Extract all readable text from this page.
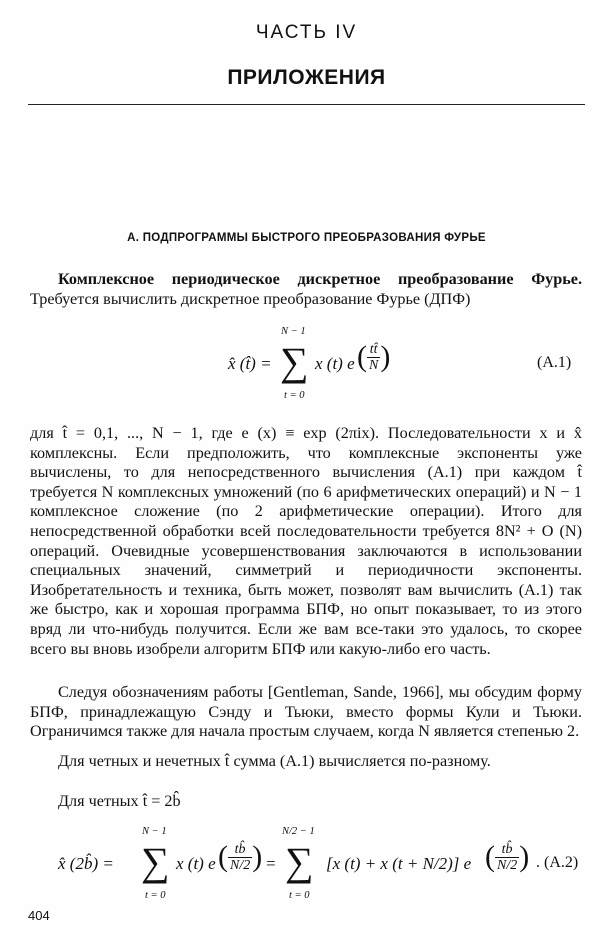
ЧАСТЬ IV
ПРИЛОЖЕНИЯ
А. ПОДПРОГРАММЫ БЫСТРОГО ПРЕОБРАЗОВАНИЯ ФУРЬЕ
Комплексное периодическое дискретное преобразование Фурье. Требуется вычислить дискретное преобразование Фурье (ДПФ)
x̂ (t̂) =
N − 1
∑
t = 0
x (t) e ( $\frac{tt̂}{N}$ )	(А.1)
для t̂ = 0,1, ..., N − 1, где e (x) ≡ exp (2πix). Последовательности x и x̂ комплексны. Если предположить, что комплексные экспоненты уже вычислены, то для непосредственного вычисления (А.1) при каждом t̂ требуется N комплексных умножений (по 6 арифметических операций) и N − 1 комплексное сложение (по 2 арифметические операции). Итого для непосредственной обработки всей последовательности требуется 8N² + O (N) операций. Очевидные усовершенствования заключаются в использовании специальных значений, симметрий и периодичности экспоненты. Изобретательность и техника, быть может, позволят вам вычислить (А.1) так же быстро, как и хорошая программа БПФ, но опыт показывает, то из этого вряд ли что-нибудь получится. Если же вам все-таки это удалось, то скорее всего вы вновь изобрели алгоритм БПФ или какую-либо его часть.
Следуя обозначениям работы [Gentleman, Sande, 1966], мы обсудим форму БПФ, принадлежащую Сэнду и Тьюки, вместо формы Кули и Тьюки. Ограничимся также для начала простым случаем, когда N является степенью 2.
Для четных и нечетных t̂ сумма (А.1) вычисляется по-разному.
Для четных t̂ = 2b̂
x̂ (2b̂) =
N − 1
∑
t = 0
x (t) e ( $\frac{tb̂}{N/2}$ ) =
N/2 − 1
∑
t = 0
[x (t) + x (t + N/2)] e ( $\frac{tb̂}{N/2}$ ) . (А.2)
404
